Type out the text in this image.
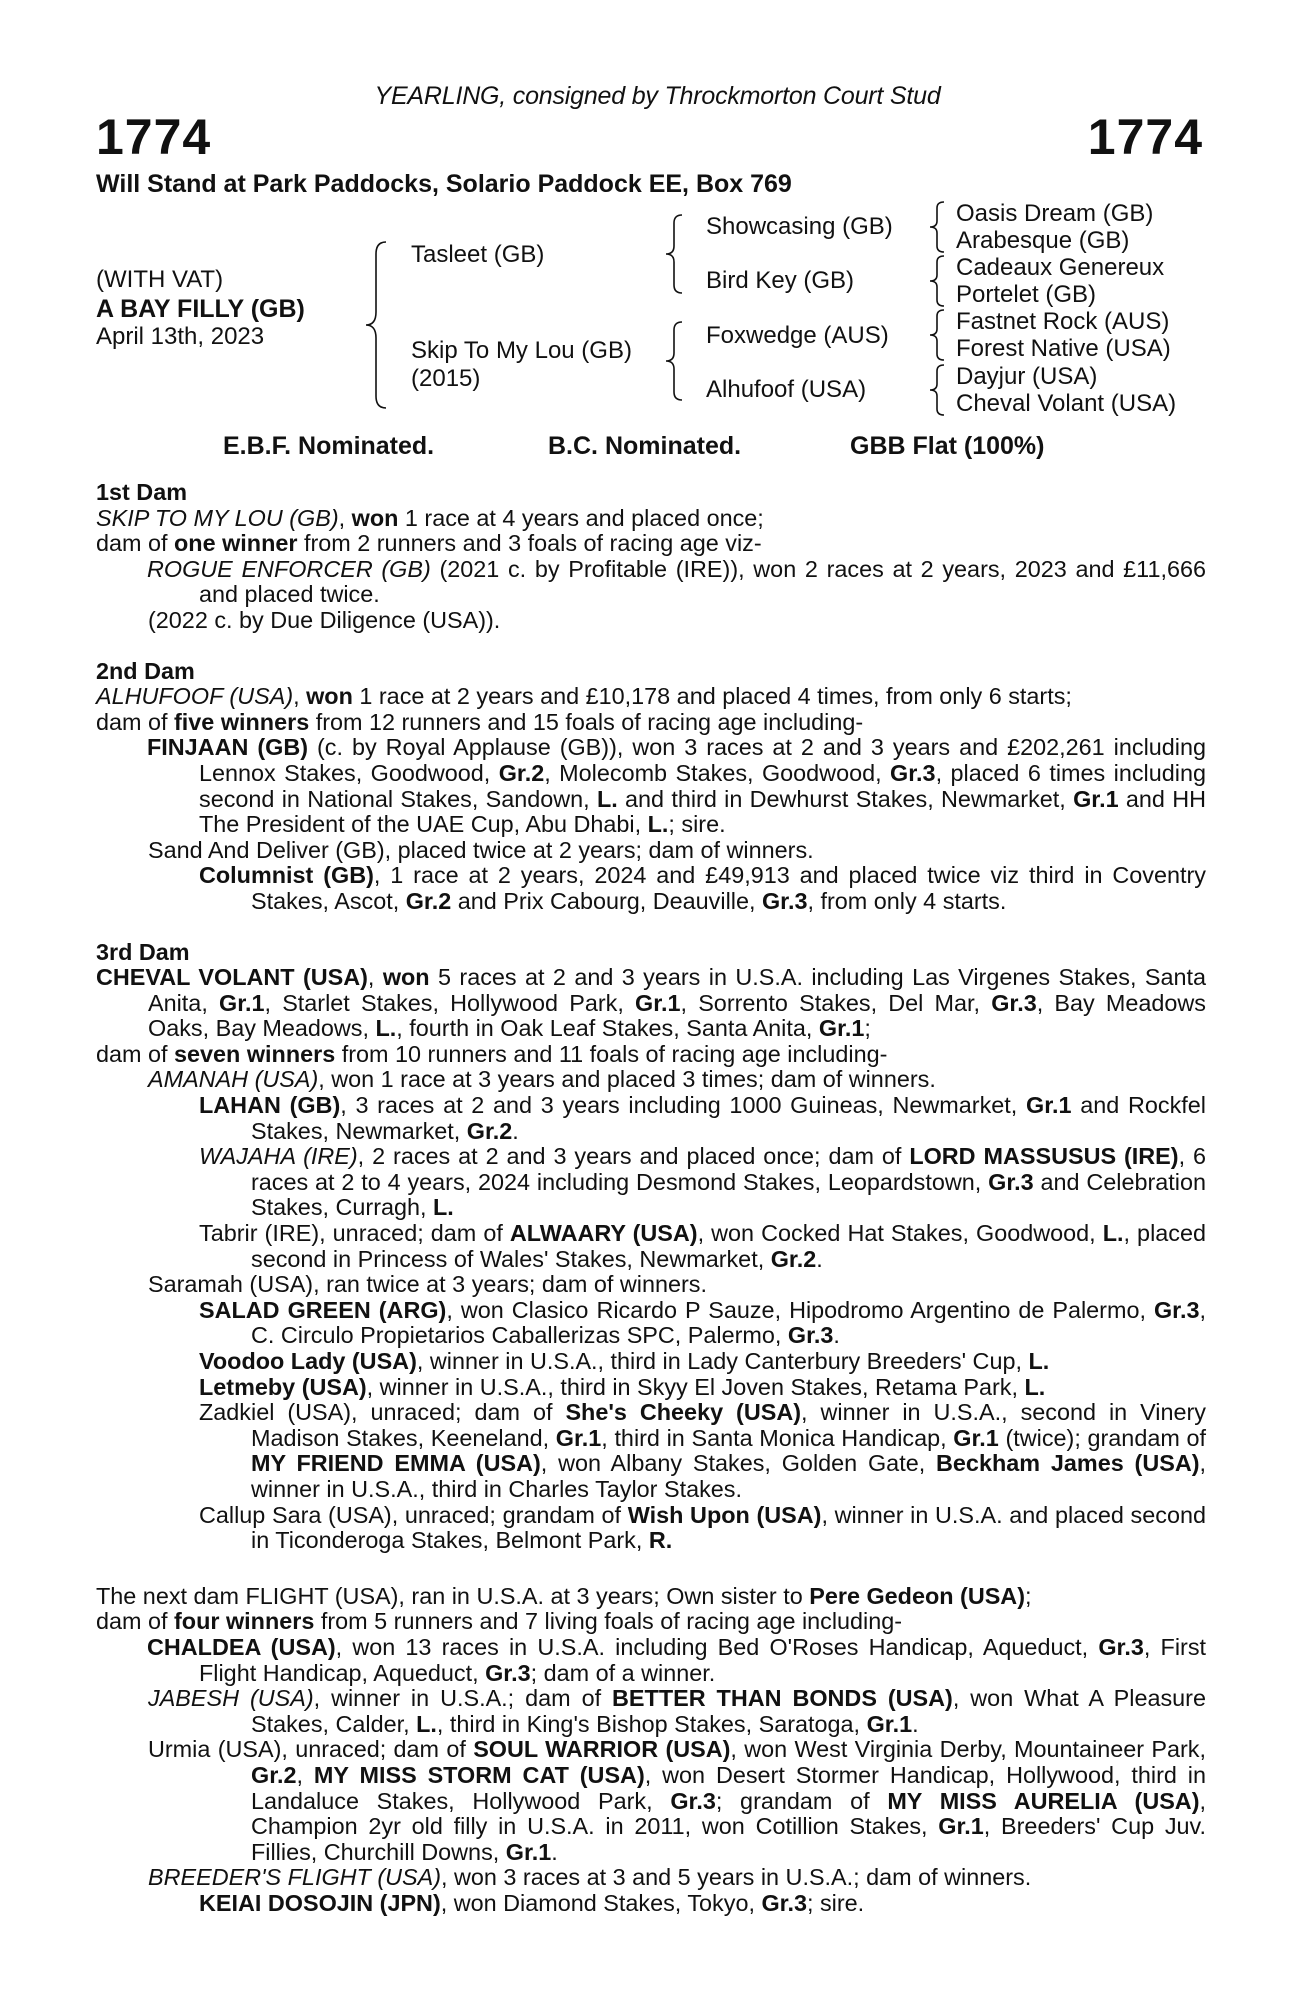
YEARLING, consigned by Throckmorton Court Stud
1774	1774
Will Stand at Park Paddocks, Solario Paddock EE, Box 769
(WITH VAT)
A BAY FILLY (GB)
April 13th, 2023
Tasleet (GB)
Skip To My Lou (GB)
(2015)
Showcasing (GB)
Bird Key (GB)
Foxwedge (AUS)
Alhufoof (USA)
Oasis Dream (GB)
Arabesque (GB)
Cadeaux Genereux
Portelet (GB)
Fastnet Rock (AUS)
Forest Native (USA)
Dayjur (USA)
Cheval Volant (USA)
E.B.F. Nominated.	B.C. Nominated.	GBB Flat (100%)
1st Dam

SKIP TO MY LOU (GB), won 1 race at 4 years and placed once;

dam of one winner from 2 runners and 3 foals of racing age viz-

ROGUE ENFORCER (GB) (2021 c. by Profitable (IRE)), won 2 races at 2 years, 2023 and £11,666 and placed twice.

(2022 c. by Due Diligence (USA)).

2nd Dam

ALHUFOOF (USA), won 1 race at 2 years and £10,178 and placed 4 times, from only 6 starts;

dam of five winners from 12 runners and 15 foals of racing age including-

FINJAAN (GB) (c. by Royal Applause (GB)), won 3 races at 2 and 3 years and £202,261 including Lennox Stakes, Goodwood, Gr.2, Molecomb Stakes, Goodwood, Gr.3, placed 6 times including second in National Stakes, Sandown, L. and third in Dewhurst Stakes, Newmarket, Gr.1 and HH The President of the UAE Cup, Abu Dhabi, L.; sire.

Sand And Deliver (GB), placed twice at 2 years; dam of winners.

Columnist (GB), 1 race at 2 years, 2024 and £49,913 and placed twice viz third in Coventry Stakes, Ascot, Gr.2 and Prix Cabourg, Deauville, Gr.3, from only 4 starts.

3rd Dam

CHEVAL VOLANT (USA), won 5 races at 2 and 3 years in U.S.A. including Las Virgenes Stakes, Santa Anita, Gr.1, Starlet Stakes, Hollywood Park, Gr.1, Sorrento Stakes, Del Mar, Gr.3, Bay Meadows Oaks, Bay Meadows, L., fourth in Oak Leaf Stakes, Santa Anita, Gr.1;

dam of seven winners from 10 runners and 11 foals of racing age including-

AMANAH (USA), won 1 race at 3 years and placed 3 times; dam of winners.

LAHAN (GB), 3 races at 2 and 3 years including 1000 Guineas, Newmarket, Gr.1 and Rockfel Stakes, Newmarket, Gr.2.

WAJAHA (IRE), 2 races at 2 and 3 years and placed once; dam of LORD MASSUSUS (IRE), 6 races at 2 to 4 years, 2024 including Desmond Stakes, Leopardstown, Gr.3 and Celebration Stakes, Curragh, L.

Tabrir (IRE), unraced; dam of ALWAARY (USA), won Cocked Hat Stakes, Goodwood, L., placed second in Princess of Wales' Stakes, Newmarket, Gr.2.

Saramah (USA), ran twice at 3 years; dam of winners.

SALAD GREEN (ARG), won Clasico Ricardo P Sauze, Hipodromo Argentino de Palermo, Gr.3, C. Circulo Propietarios Caballerizas SPC, Palermo, Gr.3.

Voodoo Lady (USA), winner in U.S.A., third in Lady Canterbury Breeders' Cup, L.

Letmeby (USA), winner in U.S.A., third in Skyy El Joven Stakes, Retama Park, L.

Zadkiel (USA), unraced; dam of She's Cheeky (USA), winner in U.S.A., second in Vinery Madison Stakes, Keeneland, Gr.1, third in Santa Monica Handicap, Gr.1 (twice); grandam of MY FRIEND EMMA (USA), won Albany Stakes, Golden Gate, Beckham James (USA), winner in U.S.A., third in Charles Taylor Stakes.

Callup Sara (USA), unraced; grandam of Wish Upon (USA), winner in U.S.A. and placed second in Ticonderoga Stakes, Belmont Park, R.

The next dam FLIGHT (USA), ran in U.S.A. at 3 years; Own sister to Pere Gedeon (USA);

dam of four winners from 5 runners and 7 living foals of racing age including-

CHALDEA (USA), won 13 races in U.S.A. including Bed O'Roses Handicap, Aqueduct, Gr.3, First Flight Handicap, Aqueduct, Gr.3; dam of a winner.

JABESH (USA), winner in U.S.A.; dam of BETTER THAN BONDS (USA), won What A Pleasure Stakes, Calder, L., third in King's Bishop Stakes, Saratoga, Gr.1.

Urmia (USA), unraced; dam of SOUL WARRIOR (USA), won West Virginia Derby, Mountaineer Park, Gr.2, MY MISS STORM CAT (USA), won Desert Stormer Handicap, Hollywood, third in Landaluce Stakes, Hollywood Park, Gr.3; grandam of MY MISS AURELIA (USA), Champion 2yr old filly in U.S.A. in 2011, won Cotillion Stakes, Gr.1, Breeders' Cup Juv. Fillies, Churchill Downs, Gr.1.

BREEDER'S FLIGHT (USA), won 3 races at 3 and 5 years in U.S.A.; dam of winners.

KEIAI DOSOJIN (JPN), won Diamond Stakes, Tokyo, Gr.3; sire.
